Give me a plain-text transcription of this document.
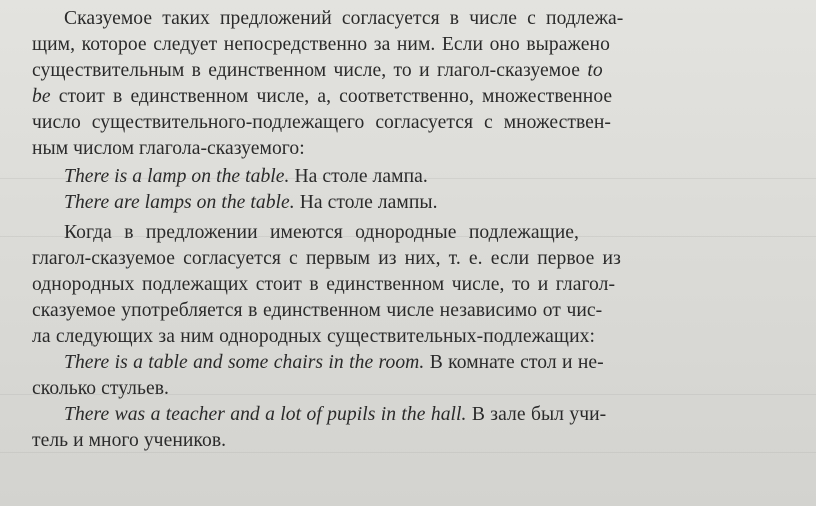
Сказуемое таких предложений согласуется в числе с подлежа-
щим, которое следует непосредственно за ним. Если оно выражено
существительным в единственном числе, то и глагол-сказуемое to
be стоит в единственном числе, а, соответственно, множественное
число существительного-подлежащего согласуется с множествен-
ным числом глагола-сказуемого:
There is a lamp on the table. На столе лампа.
There are lamps on the table. На столе лампы.
Когда в предложении имеются однородные подлежащие,
глагол-сказуемое согласуется с первым из них, т. е. если первое из
однородных подлежащих стоит в единственном числе, то и глагол-
сказуемое употребляется в единственном числе независимо от чис-
ла следующих за ним однородных существительных-подлежащих:
There is a table and some chairs in the room. В комнате стол и не-
сколько стульев.
There was a teacher and a lot of pupils in the hall. В зале был учи-
тель и много учеников.
